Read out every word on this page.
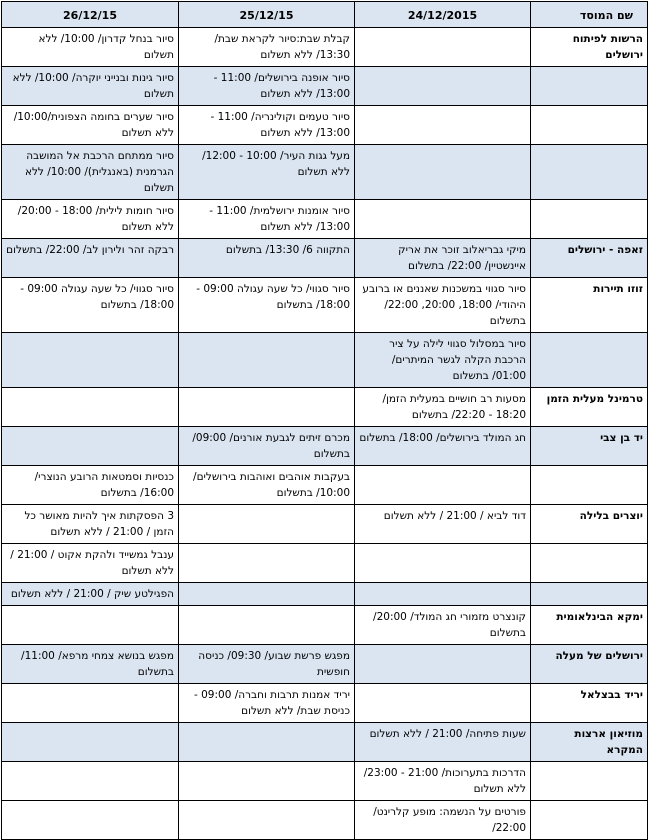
שם המוסד	24/12/2015	25/12/15	26/12/15
הרשות לפיתוח ירושלים		קבלת שבת:סיור לקראת שבת/ 13:30/ ללא תשלום	סיור בנחל קדרון/ 10:00/ ללא תשלום
		סיור אופנה בירושלים/ 11:00 - 13:00/ ללא תשלום	סיור גינות ובנייני יוקרה/ 10:00/ ללא תשלום
		סיור טעמים וקולינריה/ 11:00 - 13:00/ ללא תשלום	סיור שערים בחומה הצפונית/10:00/ ללא תשלום
		מעל גגות העיר/ 10:00 - 12:00/ ללא תשלום	סיור ממתחם הרכבת אל המושבה הגרמנית (באנגלית)/ 10:00/ ללא תשלום
		סיור אומנות ירושלמית/ 11:00 - 13:00/ ללא תשלום	סיור חומות לילית/ 18:00 - 20:00/ ללא תשלום
זאפה - ירושלים	מיקי גבריאלוב זוכר את אריק איינשטיין/ 22:00/ בתשלום	התקווה 6/ 13:30/ בתשלום	רבקה זהר ולירון לב/ 22:00/ בתשלום
זוזו תיירות	סיור סגווי במשכנות שאננים או ברובע היהודי/ 18:00, 20:00, 22:00/ בתשלום	סיור סגווי/ כל שעה עגולה 09:00 - 18:00/ בתשלום	סיור סגווי/ כל שעה עגולה 09:00 - 18:00/ בתשלום
	סיור במסלול סגווי לילה על ציר הרכבת הקלה לגשר המיתרים/ 01:00/ בתשלום		
טרמינל מעלית הזמן	מסעות רב חושיים במעלית הזמן/ 18:20 - 22:20/ בתשלום		
יד בן צבי	חג המולד בירושלים/ 18:00/ בתשלום	מכרם זיתים לגבעת אורנים/ 09:00/ בתשלום	
		בעקבות אוהבים ואוהבות בירושלים/ 10:00/ בתשלום	כנסיות וסמטאות הרובע הנוצרי/ 16:00/ בתשלום
יוצרים בלילה	דוד לביא / 21:00 / ללא תשלום		3 הפסקתות איך להיות מאושר כל הזמן / 21:00 / ללא תשלום
			ענבל גמשייד ולהקת אקוט / 21:00 / ללא תשלום
			הפגילטע שיק / 21:00 / ללא תשלום
ימקא הבינלאומית	קונצרט מזמורי חג המולד/ 20:00/ בתשלום		
ירושלים של מעלה		מפגש פרשת שבוע/ 09:30/ כניסה חופשית	מפגש בנושא צמחי מרפא/ 11:00/ בתשלום
יריד בבצלאל		יריד אמנות תרבות וחברה/ 09:00 - כניסת שבת/ ללא תשלום	
מוזיאון ארצות המקרא	שעות פתיחה/ 21:00 / ללא תשלום		
	הדרכות בתערוכות/ 21:00 - 23:00/ ללא תשלום		
	פורטים על הנשמה: מופע קלרינט/ 22:00/		
